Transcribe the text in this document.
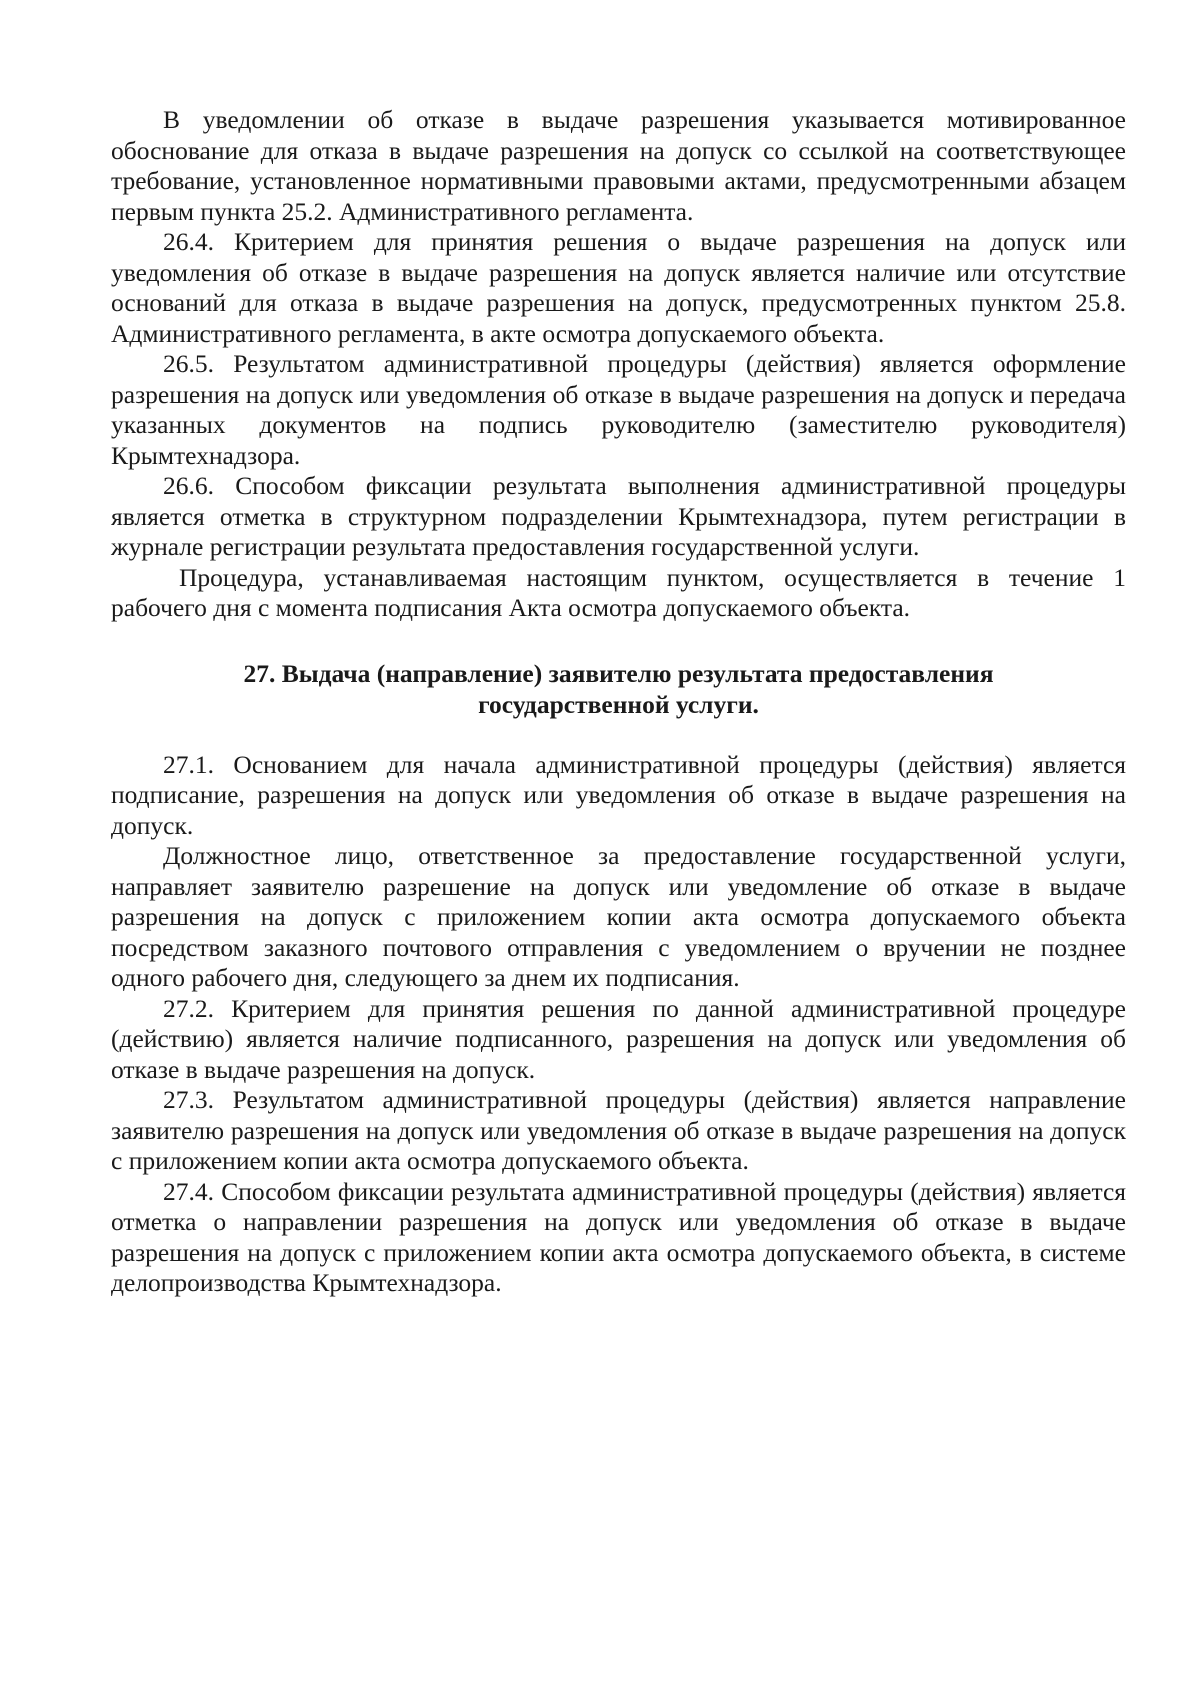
В уведомлении об отказе в выдаче разрешения указывается мотивированное обоснование для отказа в выдаче разрешения на допуск со ссылкой на соответствующее требование, установленное нормативными правовыми актами, предусмотренными абзацем первым пункта 25.2. Административного регламента.

26.4. Критерием для принятия решения о выдаче разрешения на допуск или уведомления об отказе в выдаче разрешения на допуск является наличие или отсутствие оснований для отказа в выдаче разрешения на допуск, предусмотренных пунктом 25.8. Административного регламента, в акте осмотра допускаемого объекта.

26.5. Результатом административной процедуры (действия) является оформление разрешения на допуск или уведомления об отказе в выдаче разрешения на допуск и передача указанных документов на подпись руководителю (заместителю руководителя) Крымтехнадзора.

26.6. Способом фиксации результата выполнения административной процедуры является отметка в структурном подразделении Крымтехнадзора, путем регистрации в журнале регистрации результата предоставления государственной услуги.

Процедура, устанавливаемая настоящим пунктом, осуществляется в течение 1 рабочего дня с момента подписания Акта осмотра допускаемого объекта.

27. Выдача (направление) заявителю результата предоставления
государственной услуги.

27.1. Основанием для начала административной процедуры (действия) является подписание, разрешения на допуск или уведомления об отказе в выдаче разрешения на допуск.

Должностное лицо, ответственное за предоставление государственной услуги, направляет заявителю разрешение на допуск или уведомление об отказе в выдаче разрешения на допуск с приложением копии акта осмотра допускаемого объекта посредством заказного почтового отправления с уведомлением о вручении не позднее одного рабочего дня, следующего за днем их подписания.

27.2. Критерием для принятия решения по данной административной процедуре (действию) является наличие подписанного, разрешения на допуск или уведомления об отказе в выдаче разрешения на допуск.

27.3. Результатом административной процедуры (действия) является направление заявителю разрешения на допуск или уведомления об отказе в выдаче разрешения на допуск с приложением копии акта осмотра допускаемого объекта.

27.4. Способом фиксации результата административной процедуры (действия) является отметка о направлении разрешения на допуск или уведомления об отказе в выдаче разрешения на допуск с приложением копии акта осмотра допускаемого объекта, в системе делопроизводства Крымтехнадзора.
